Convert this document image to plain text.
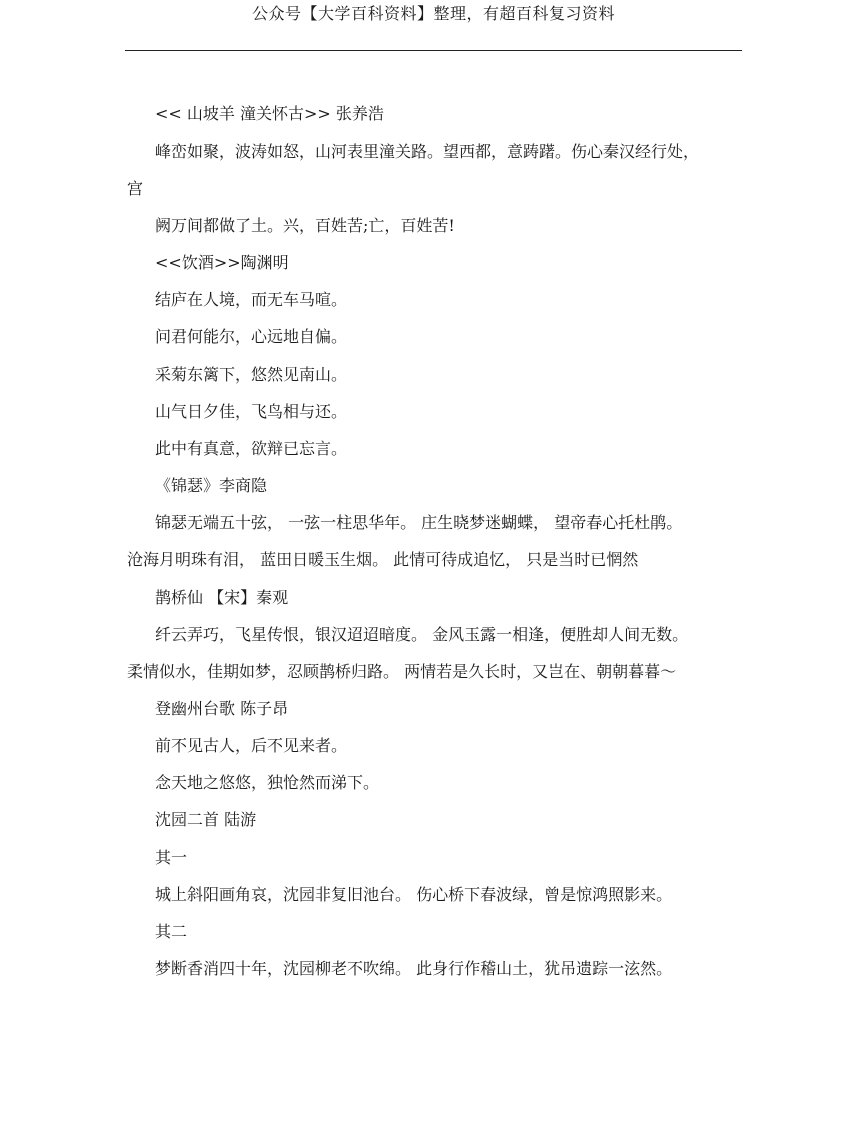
公众号【大学百科资料】整理，有超百科复习资料
<< 山坡羊 潼关怀古>> 张养浩
峰峦如聚，波涛如怒，山河表里潼关路。望西都，意踌躇。伤心秦汉经行处，
宫
阙万间都做了土。兴，百姓苦;亡，百姓苦!
<<饮酒>>陶渊明
结庐在人境，而无车马喧。
问君何能尔，心远地自偏。
采菊东篱下，悠然见南山。
山气日夕佳，飞鸟相与还。
此中有真意，欲辩已忘言。
《锦瑟》李商隐
锦瑟无端五十弦， 一弦一柱思华年。 庄生晓梦迷蝴蝶， 望帝春心托杜鹃。
沧海月明珠有泪， 蓝田日暖玉生烟。 此情可待成追忆， 只是当时已惘然
鹊桥仙 【宋】秦观
纤云弄巧，飞星传恨，银汉迢迢暗度。 金风玉露一相逢，便胜却人间无数。
柔情似水，佳期如梦，忍顾鹊桥归路。 两情若是久长时，又岂在、朝朝暮暮～
登幽州台歌 陈子昂
前不见古人，后不见来者。
念天地之悠悠，独怆然而涕下。
沈园二首 陆游
其一
城上斜阳画角哀，沈园非复旧池台。 伤心桥下春波绿，曾是惊鸿照影来。
其二
梦断香消四十年，沈园柳老不吹绵。 此身行作稽山土，犹吊遗踪一泫然。
